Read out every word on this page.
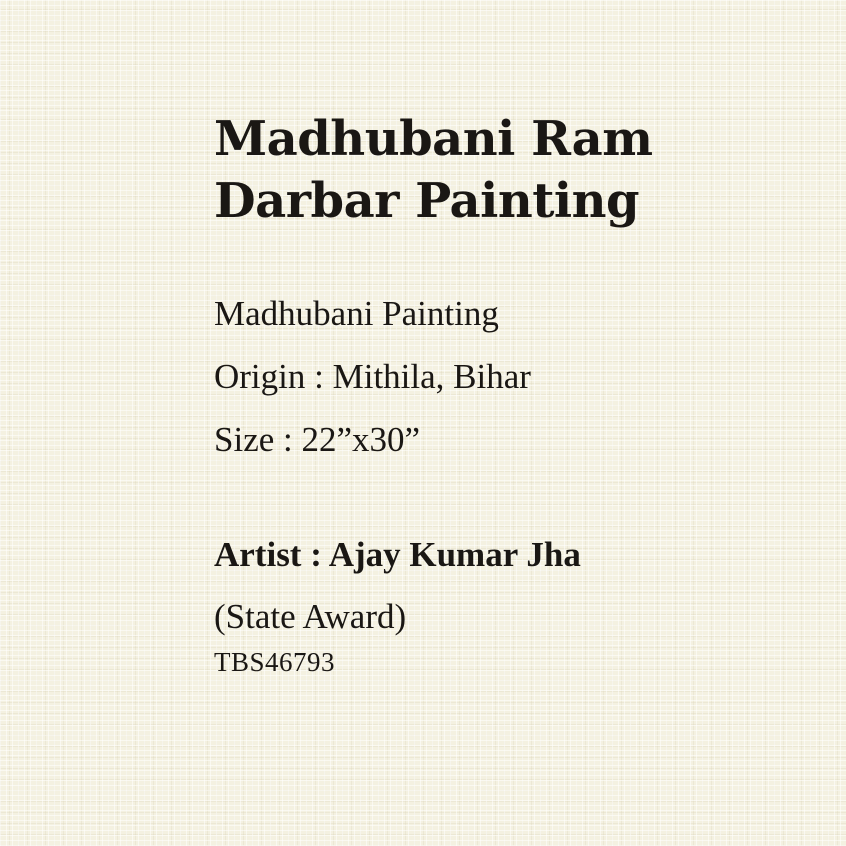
Madhubani Ram
Darbar Painting
Madhubani Painting
Origin : Mithila, Bihar
Size : 22”x30”
Artist : Ajay Kumar Jha
(State Award)
TBS46793
